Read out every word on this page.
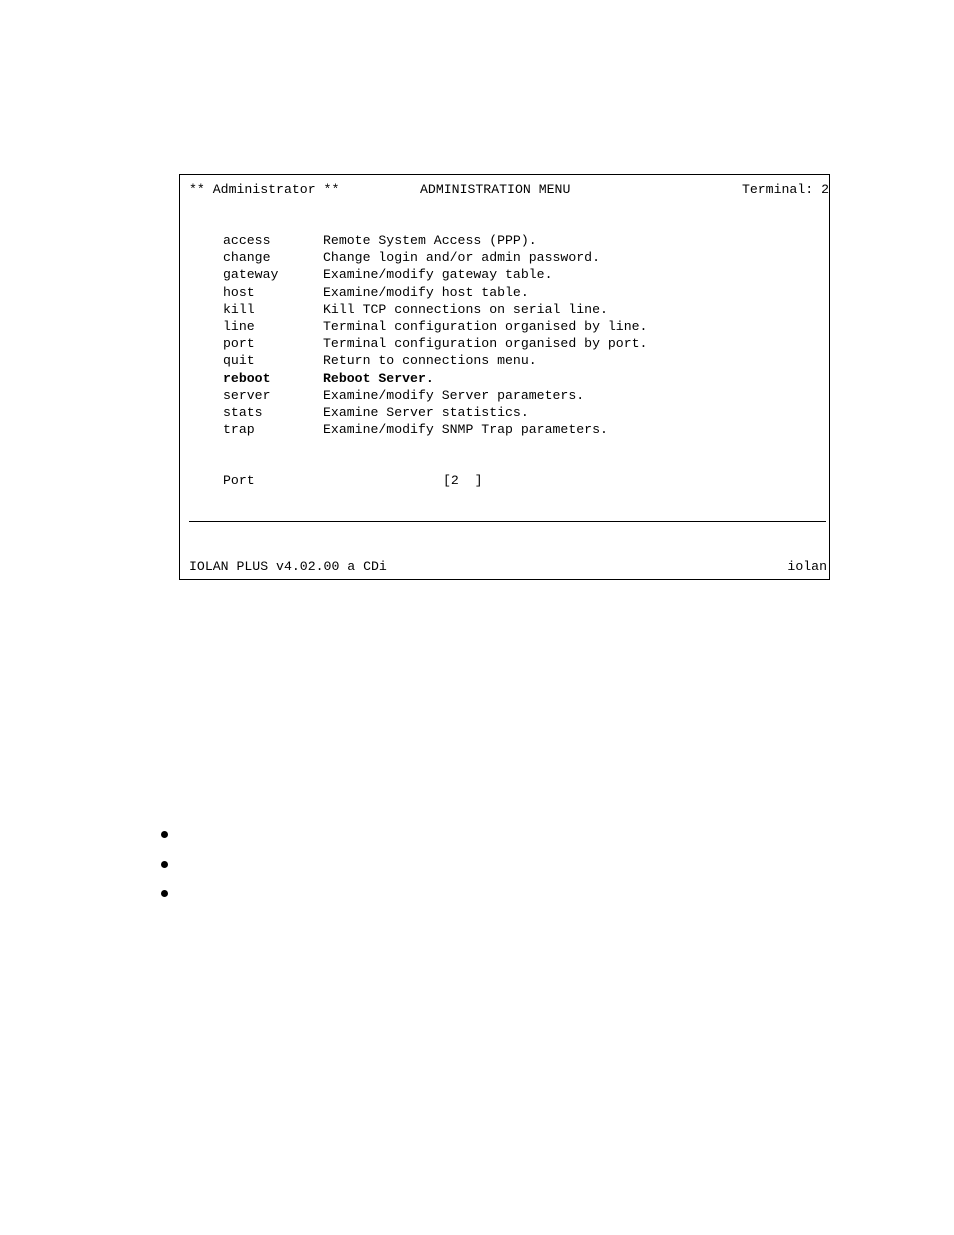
** Administrator **	ADMINISTRATION MENU	Terminal: 2
access	Remote System Access (PPP).
change	Change login and/or admin password.
gateway	Examine/modify gateway table.
host	Examine/modify host table.
kill	Kill TCP connections on serial line.
line	Terminal configuration organised by line.
port	Terminal configuration organised by port.
quit	Return to connections menu.
reboot	Reboot Server.
server	Examine/modify Server parameters.
stats	Examine Server statistics.
trap	Examine/modify SNMP Trap parameters.
Port	[2  ]
IOLAN PLUS v4.02.00 a CDi	iolan
